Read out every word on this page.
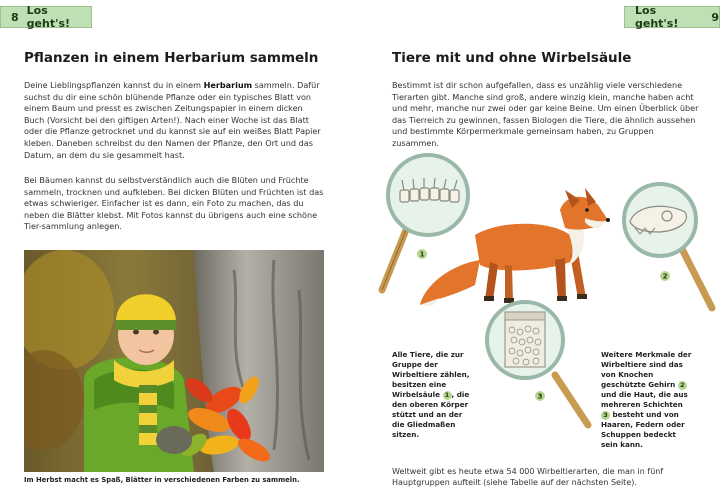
8 Los geht's!
Pflanzen in einem Herbarium sammeln

Deine Lieblingspflanzen kannst du in einem Herbarium sammeln. Dafür suchst du dir eine schön blühende Pflanze oder ein typisches Blatt von einem Baum und presst es zwischen Zeitungspapier in einem dicken Buch (Vorsicht bei den giftigen Arten!). Nach einer Woche ist das Blatt oder die Pflanze getrocknet und du kannst sie auf ein weißes Blatt Papier kleben. Daneben schreibst du den Namen der Pflanze, den Ort und das Datum, an dem du sie gesammelt hast.

Bei Bäumen kannst du selbstverständlich auch die Blüten und Früchte sammeln, trocknen und aufkleben. Bei dicken Blüten und Früchten ist das etwas schwieriger. Einfacher ist es dann, ein Foto zu machen, das du neben die Blätter klebst. Mit Fotos kannst du übrigens auch eine schöne Tier-sammlung anlegen.

Im Herbst macht es Spaß, Blätter in verschiedenen Farben zu sammeln.
Los geht's!	9
Tiere mit und ohne Wirbelsäule

Bestimmt ist dir schon aufgefallen, dass es unzählig viele verschiedene Tierarten gibt. Manche sind groß, andere winzig klein, manche haben acht und mehr, manche nur zwei oder gar keine Beine. Um einen Überblick über das Tierreich zu gewinnen, fassen Biologen die Tiere, die ähnlich aussehen und bestimmte Körpermerkmale gemeinsam haben, zu Gruppen zusammen.

1
2
3
Alle Tiere, die zur Gruppe der Wirbeltiere zählen, besitzen eine Wirbelsäule 1 , die den oberen Körper stützt und an der die Gliedmaßen sitzen.
Weitere Merkmale der Wirbeltiere sind das von Knochen geschützte Gehirn 2 und die Haut, die aus mehreren Schichten 3 besteht und von Haaren, Federn oder Schuppen bedeckt sein kann.
Weltweit gibt es heute etwa 54 000 Wirbeltierarten, die man in fünf Hauptgruppen aufteilt (siehe Tabelle auf der nächsten Seite).
